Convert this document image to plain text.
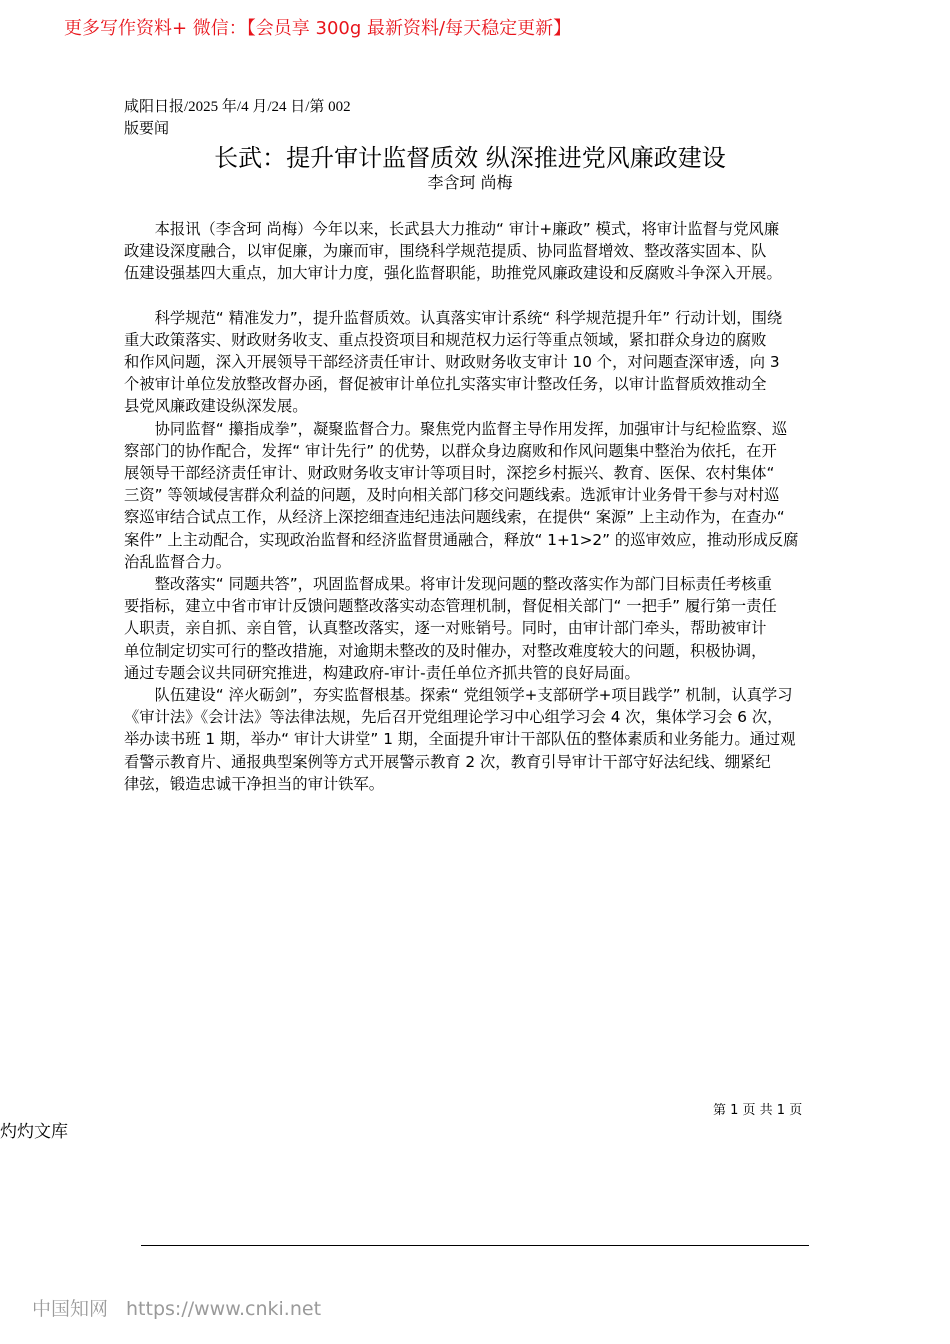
更多写作资料+ 微信：【会员享 300g 最新资料/每天稳定更新】
咸阳日报/2025 年/4 月/24 日/第 002
版要闻
长武：提升审计监督质效 纵深推进党风廉政建设
李含珂 尚梅
　　本报讯（李含珂 尚梅）今年以来，长武县大力推动“ 审计+廉政” 模式，将审计监督与党风廉
政建设深度融合，以审促廉，为廉而审，围绕科学规范提质、协同监督增效、整改落实固本、队
伍建设强基四大重点，加大审计力度，强化监督职能，助推党风廉政建设和反腐败斗争深入开展。
　　科学规范“ 精准发力”，提升监督质效。认真落实审计系统“ 科学规范提升年” 行动计划，围绕
重大政策落实、财政财务收支、重点投资项目和规范权力运行等重点领域，紧扣群众身边的腐败
和作风问题，深入开展领导干部经济责任审计、财政财务收支审计 10 个，对问题查深审透，向 3
个被审计单位发放整改督办函，督促被审计单位扎实落实审计整改任务，以审计监督质效推动全
县党风廉政建设纵深发展。
　　协同监督“ 攥指成拳”，凝聚监督合力。聚焦党内监督主导作用发挥，加强审计与纪检监察、巡
察部门的协作配合，发挥“ 审计先行” 的优势，以群众身边腐败和作风问题集中整治为依托，在开
展领导干部经济责任审计、财政财务收支审计等项目时，深挖乡村振兴、教育、医保、农村集体“
三资” 等领域侵害群众利益的问题，及时向相关部门移交问题线索。选派审计业务骨干参与对村巡
察巡审结合试点工作，从经济上深挖细查违纪违法问题线索，在提供“ 案源” 上主动作为，在查办“
案件” 上主动配合，实现政治监督和经济监督贯通融合，释放“ 1+1>2” 的巡审效应，推动形成反腐
治乱监督合力。
　　整改落实“ 同题共答”，巩固监督成果。将审计发现问题的整改落实作为部门目标责任考核重
要指标，建立中省市审计反馈问题整改落实动态管理机制，督促相关部门“ 一把手” 履行第一责任
人职责，亲自抓、亲自管，认真整改落实，逐一对账销号。同时，由审计部门牵头，帮助被审计
单位制定切实可行的整改措施，对逾期未整改的及时催办，对整改难度较大的问题，积极协调，
通过专题会议共同研究推进，构建政府-审计-责任单位齐抓共管的良好局面。
　　队伍建设“ 淬火砺剑”，夯实监督根基。探索“ 党组领学+支部研学+项目践学” 机制，认真学习
《审计法》《会计法》等法律法规，先后召开党组理论学习中心组学习会 4 次，集体学习会 6 次，
举办读书班 1 期，举办“ 审计大讲堂” 1 期，全面提升审计干部队伍的整体素质和业务能力。通过观
看警示教育片、通报典型案例等方式开展警示教育 2 次，教育引导审计干部守好法纪线、绷紧纪
律弦，锻造忠诚干净担当的审计铁军。
第 1 页 共 1 页
灼灼文库
中国知网 https://www.cnki.net
